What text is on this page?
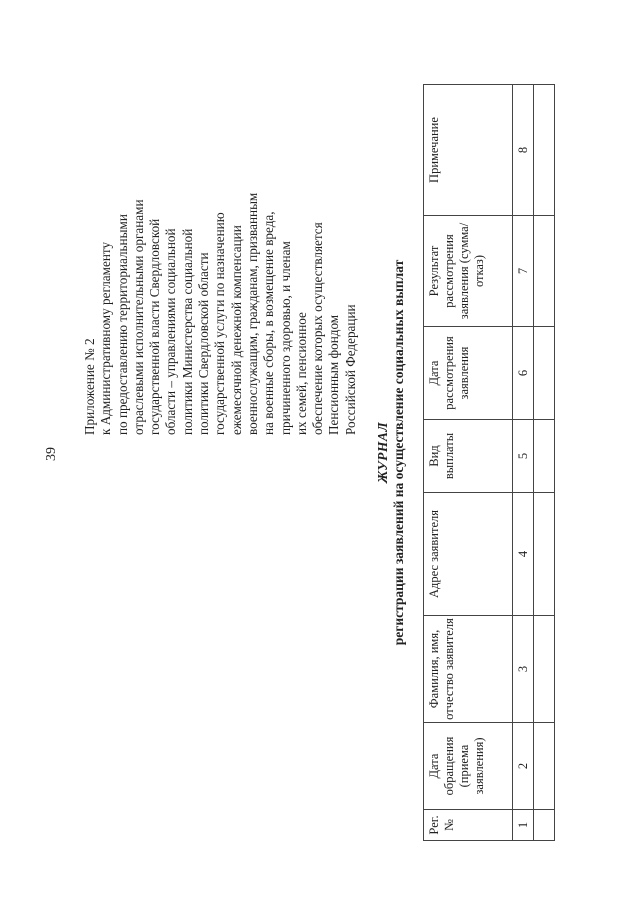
39
Приложение № 2 к Административному регламенту по предоставлению территориальными отраслевыми исполнительными органами государственной власти Свердловской области – управлениями социальной политики Министерства социальной политики Свердловской области государственной услуги по назначению ежемесячной денежной компенсации военнослужащим, гражданам, призванным на военные сборы, в возмещение вреда, причиненного здоровью, и членам их семей, пенсионное обеспечение которых осуществляется Пенсионным фондом Российской Федерации
ЖУРНАЛ регистрации заявлений на осуществление социальных выплат
Рег. №	Дата обращения (приема заявления)	Фамилия, имя, отчество заявителя	Адрес заявителя	Вид выплаты	Дата рассмотрения заявления	Результат рассмотрения заявления (сумма/отказ)	Примечание
1	2	3	4	5	6	7	8
